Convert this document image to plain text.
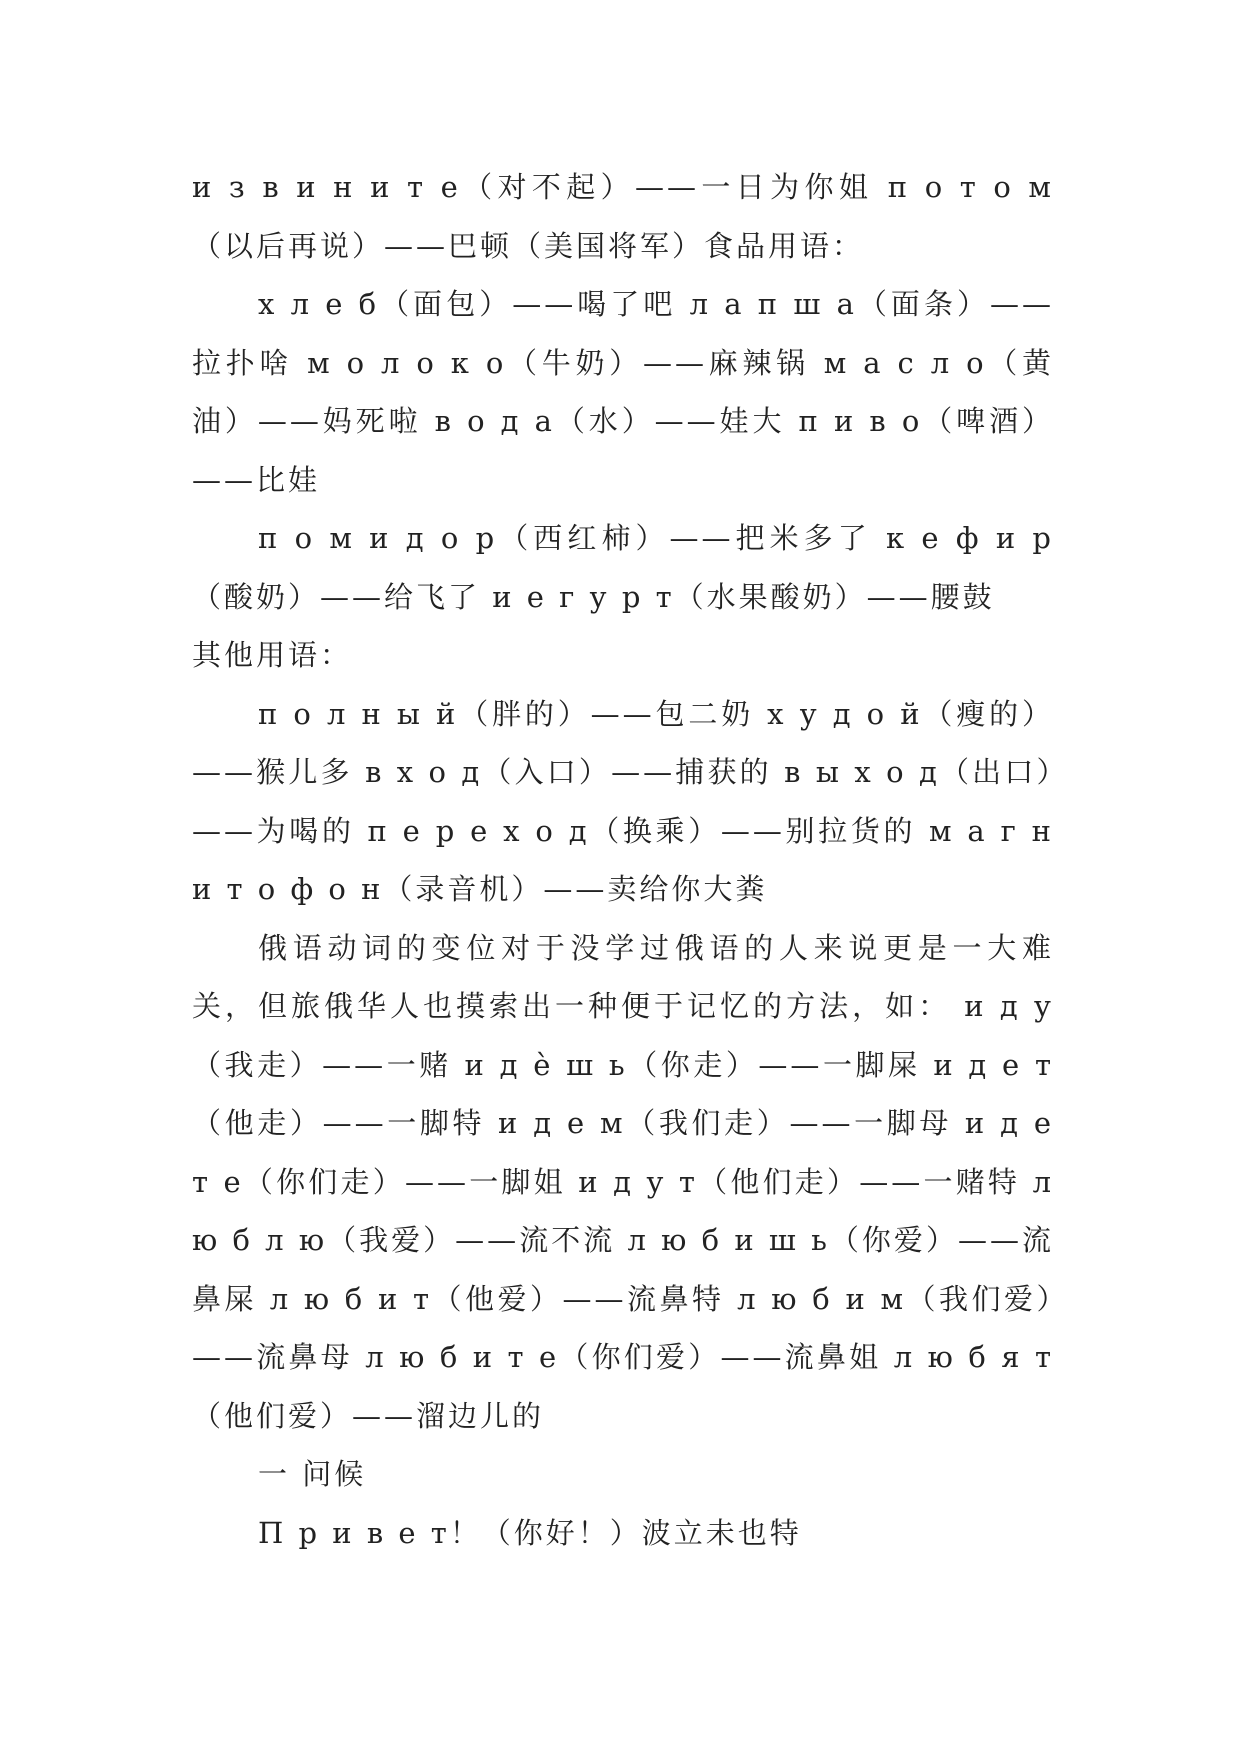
и з в и н и т е（对不起）——一日为你姐 п о т о м（以后再说）——巴顿（美国将军）食品用语：

х л е б（面包）——喝了吧 л а п ш а（面条）——拉扑啥 м о л о к о（牛奶）——麻辣锅 м а с л о（黄油）——妈死啦 в о д а（水）——娃大 п и в о（啤酒）——比娃

п о м и д о р（西红柿）——把米多了 к е ф и р（酸奶）——给飞了 и е г у р т（水果酸奶）——腰鼓

其他用语：

п о л н ы й（胖的）——包二奶 х у д о й（瘦的）——猴儿多 в х о д（入口）——捕获的 в ы х о д（出口）——为喝的 п е р е х о д（换乘）——别拉货的 м а г н и т о ф о н（录音机）——卖给你大粪

俄语动词的变位对于没学过俄语的人来说更是一大难关，但旅俄华人也摸索出一种便于记忆的方法，如： и д у（我走）——一赌 и д ѐ ш ь（你走）——一脚屎 и д е т（他走）——一脚特 и д е м（我们走）——一脚母 и д е т е（你们走）——一脚姐 и д у т（他们走）——一赌特 л ю б л ю（我爱）——流不流 л ю б и ш ь（你爱）——流鼻屎 л ю б и т（他爱）——流鼻特 л ю б и м（我们爱）——流鼻母 л ю б и т е（你们爱）——流鼻姐 л ю б я т（他们爱）——溜边儿的

一 问候

П р и в е т！（你好！）波立未也特
